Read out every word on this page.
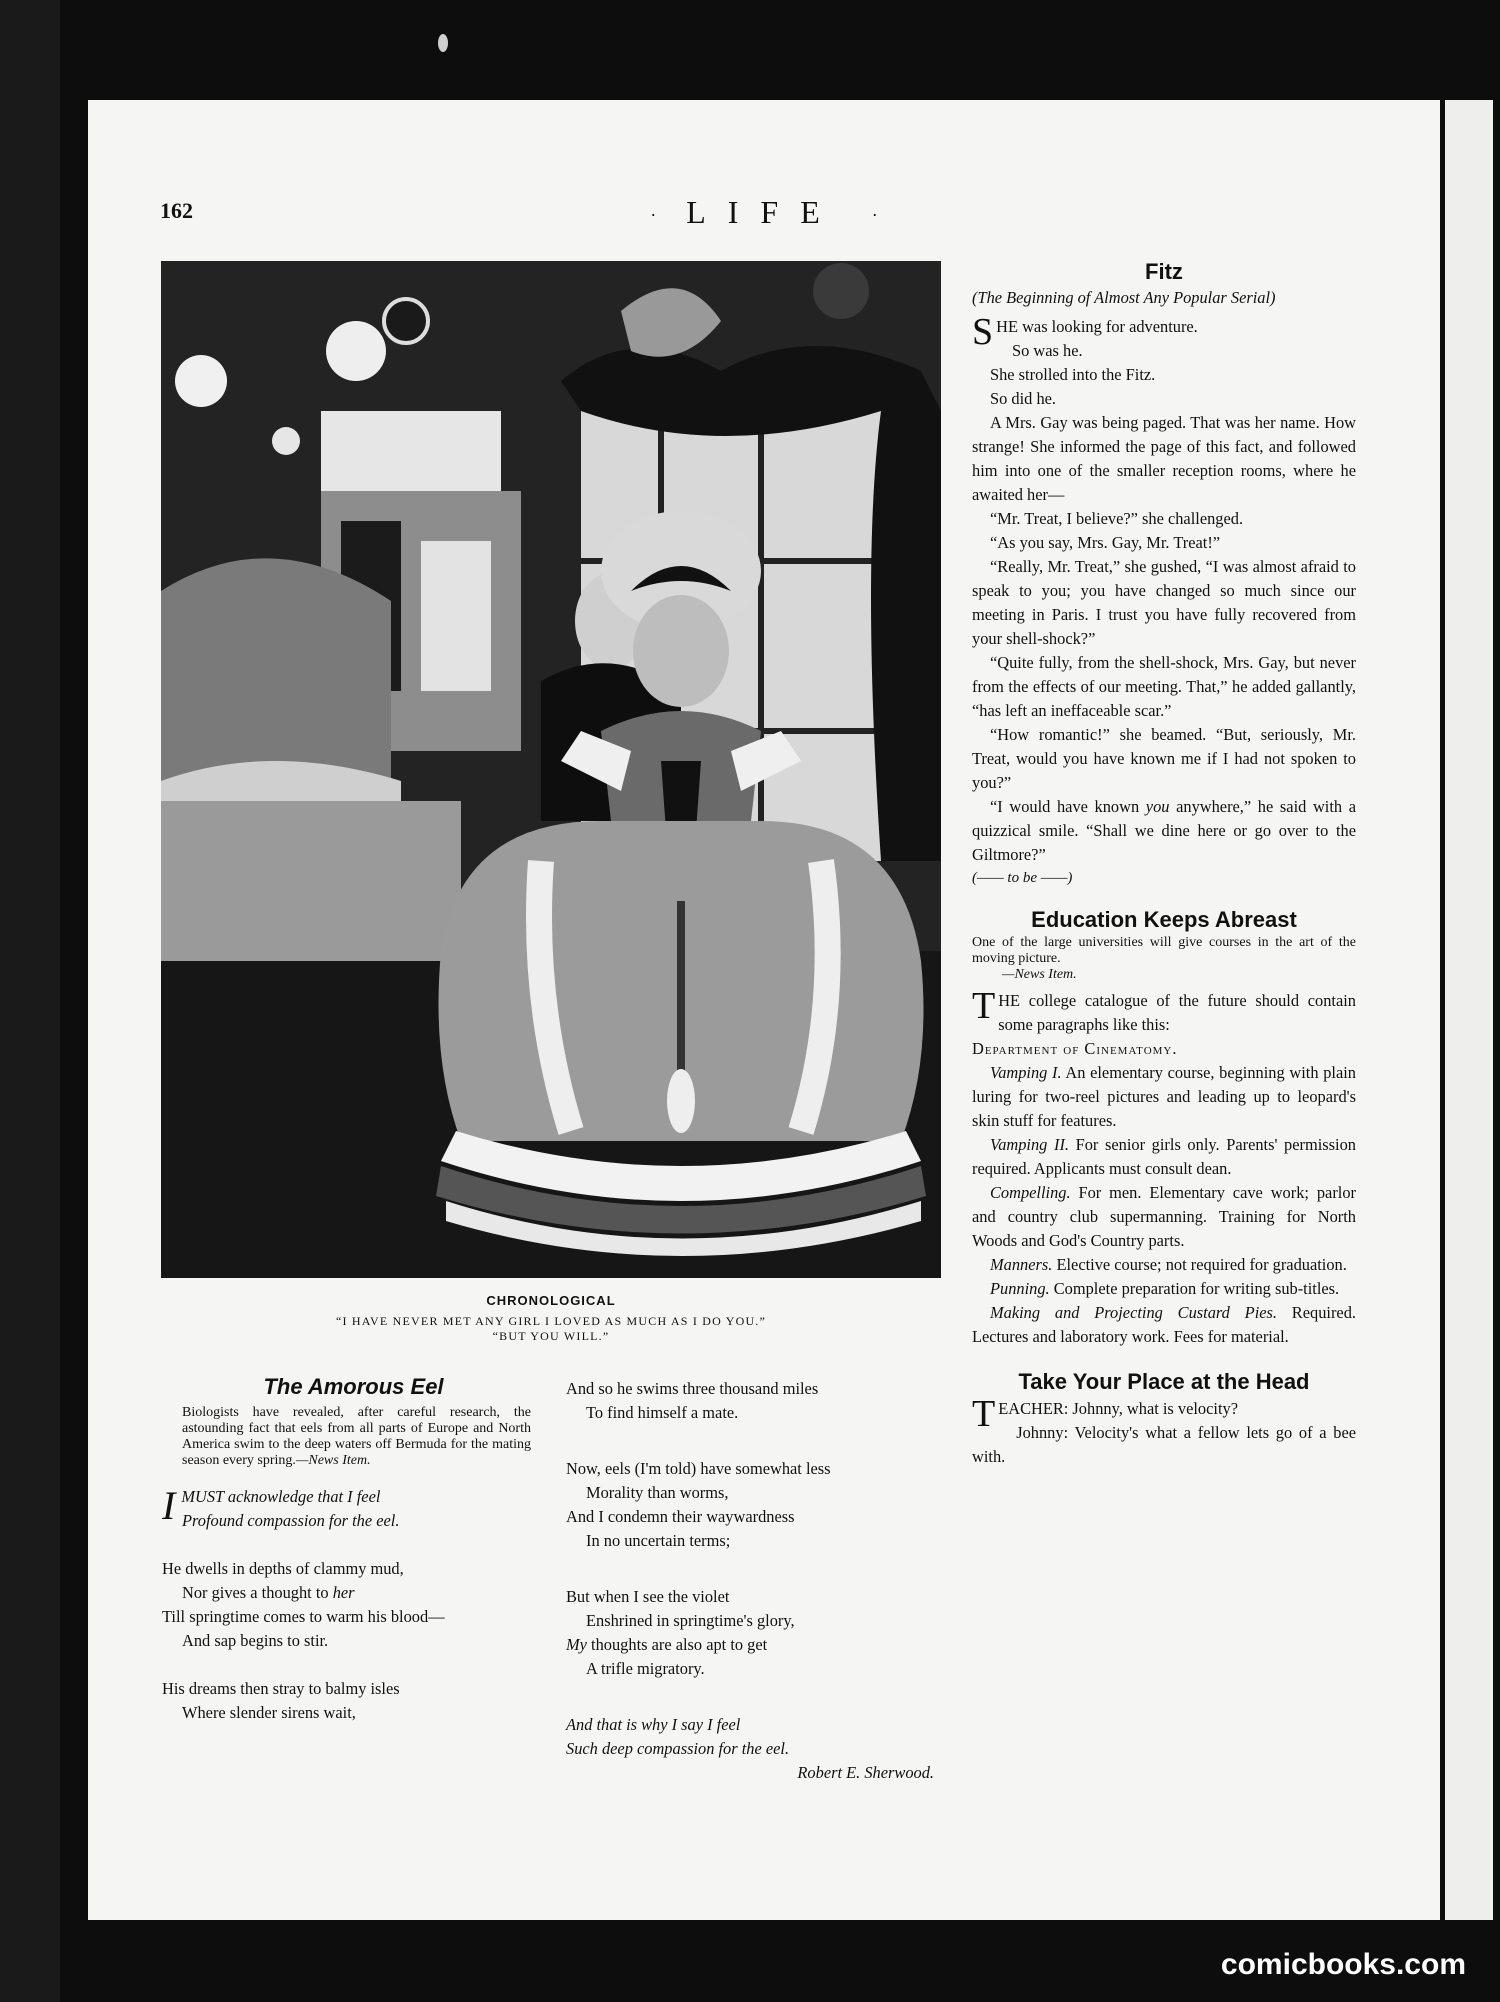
162	· LIFE ·
CHRONOLOGICAL
“I HAVE NEVER MET ANY GIRL I LOVED AS MUCH AS I DO YOU.”
“BUT YOU WILL.”
Fitz

(The Beginning of Almost Any Popular Serial)

SHE was looking for adventure.

So was he.

She strolled into the Fitz.

So did he.

A Mrs. Gay was being paged. That was her name. How strange! She informed the page of this fact, and followed him into one of the smaller reception rooms, where he awaited her—

“Mr. Treat, I believe?” she challenged.

“As you say, Mrs. Gay, Mr. Treat!”

“Really, Mr. Treat,” she gushed, “I was almost afraid to speak to you; you have changed so much since our meeting in Paris. I trust you have fully recovered from your shell-shock?”

“Quite fully, from the shell-shock, Mrs. Gay, but never from the effects of our meeting. That,” he added gallantly, “has left an ineffaceable scar.”

“How romantic!” she beamed. “But, seriously, Mr. Treat, would you have known me if I had not spoken to you?”

“I would have known you anywhere,” he said with a quizzical smile. “Shall we dine here or go over to the Giltmore?”

(—— to be ——)

Education Keeps Abreast

One of the large universities will give courses in the art of the moving picture.

—News Item.

THE college catalogue of the future should contain some paragraphs like this:

Department of Cinematomy.

Vamping I. An elementary course, beginning with plain luring for two-reel pictures and leading up to leopard's skin stuff for features.

Vamping II. For senior girls only. Parents' permission required. Applicants must consult dean.

Compelling. For men. Elementary cave work; parlor and country club supermanning. Training for North Woods and God's Country parts.

Manners. Elective course; not required for graduation.

Punning. Complete preparation for writing sub-titles.

Making and Projecting Custard Pies. Required. Lectures and laboratory work. Fees for material.

Take Your Place at the Head

TEACHER: Johnny, what is velocity?

Johnny: Velocity's what a fellow lets go of a bee with.

The Amorous Eel

Biologists have revealed, after careful research, the astounding fact that eels from all parts of Europe and North America swim to the deep waters off Bermuda for the mating season every spring.—News Item.

I MUST acknowledge that I feel
Profound compassion for the eel.
He dwells in depths of clammy mud,
Nor gives a thought to her
Till springtime comes to warm his blood—
And sap begins to stir.
His dreams then stray to balmy isles
Where slender sirens wait,
And so he swims three thousand miles
To find himself a mate.
Now, eels (I'm told) have somewhat less
Morality than worms,
And I condemn their waywardness
In no uncertain terms;
But when I see the violet
Enshrined in springtime's glory,
My thoughts are also apt to get
A trifle migratory.
And that is why I say I feel
Such deep compassion for the eel.
Robert E. Sherwood.
comicbooks.com
